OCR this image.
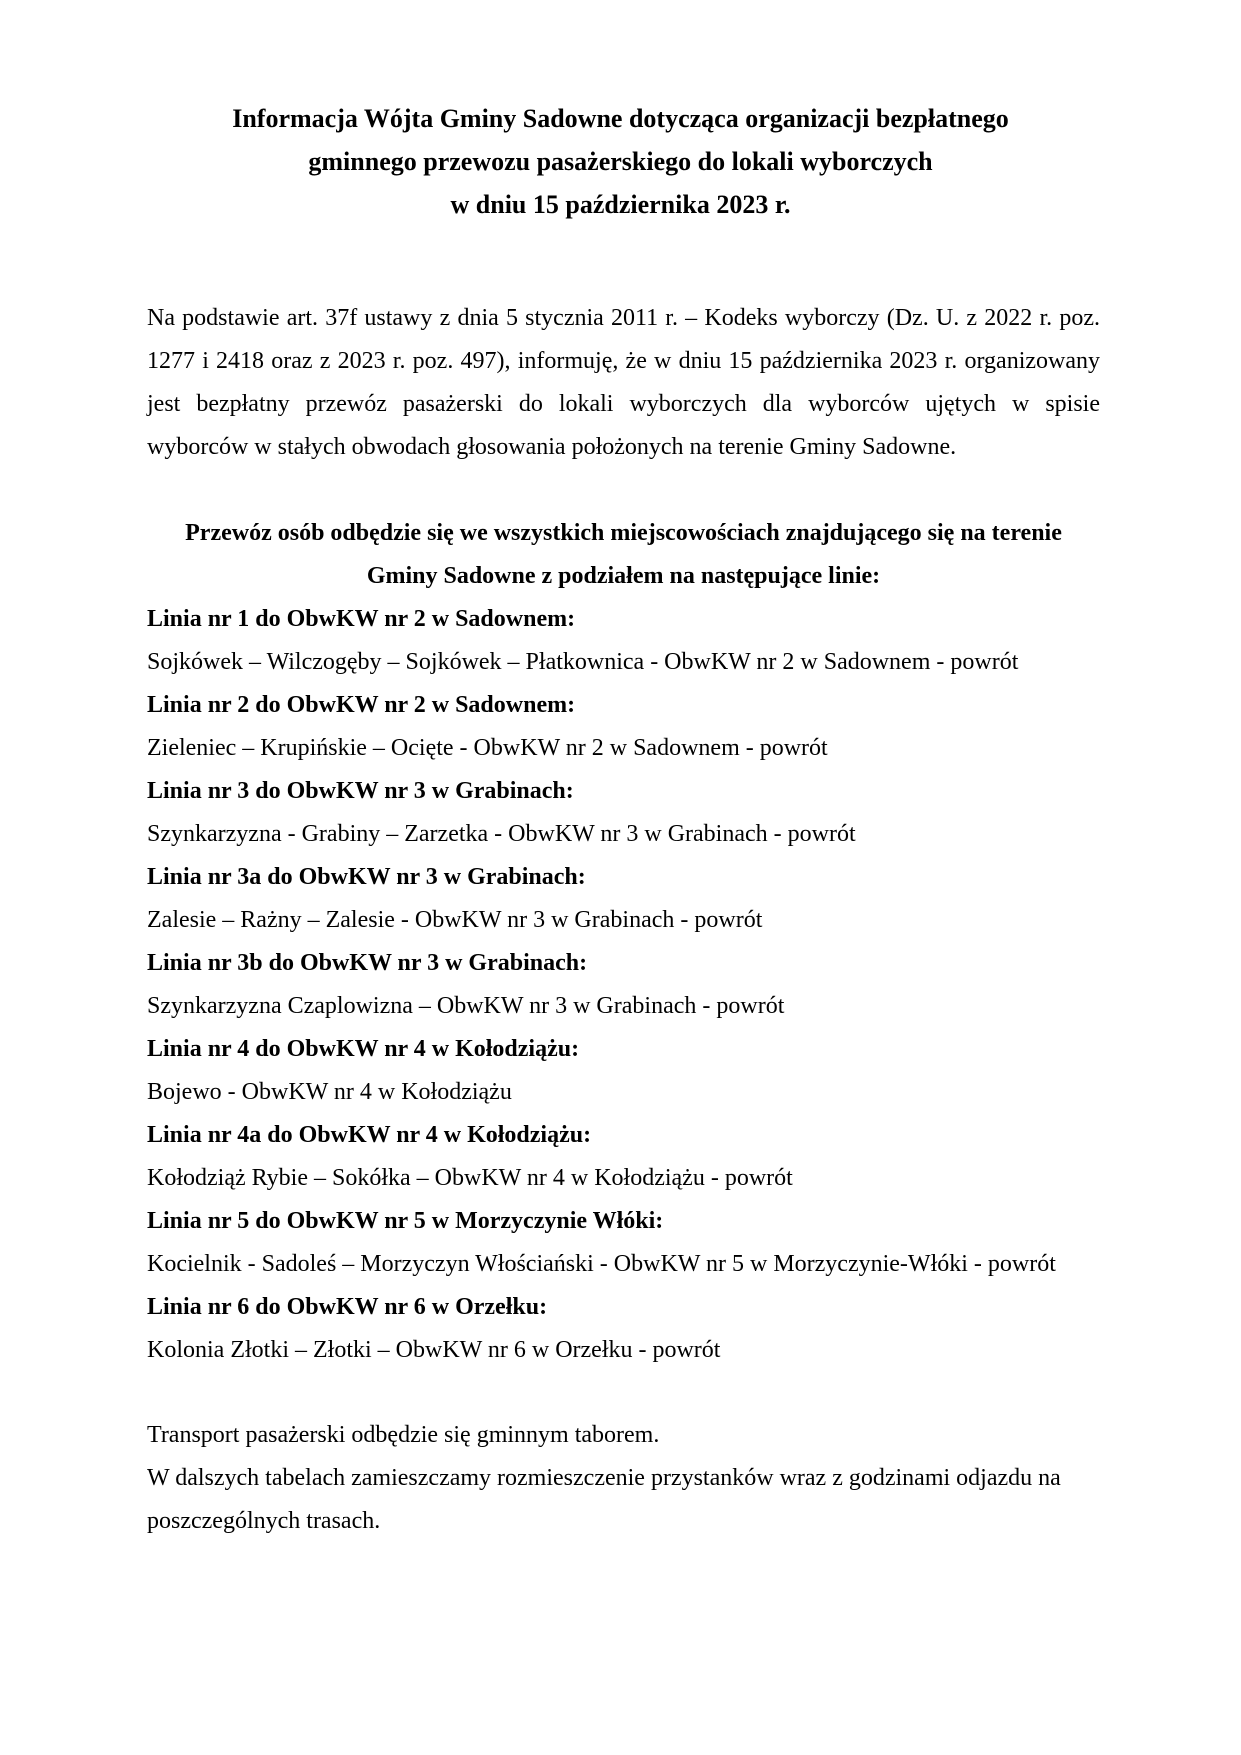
Informacja Wójta Gminy Sadowne dotycząca organizacji bezpłatnego
gminnego przewozu pasażerskiego do lokali wyborczych
w dniu 15 października 2023 r.

Na podstawie art. 37f ustawy z dnia 5 stycznia 2011 r. – Kodeks wyborczy (Dz. U. z 2022 r. poz.
1277 i 2418 oraz z 2023 r. poz. 497), informuję, że w dniu 15 października 2023 r. organizowany
jest bezpłatny przewóz pasażerski do lokali wyborczych dla wyborców ujętych w spisie
wyborców w stałych obwodach głosowania położonych na terenie Gminy Sadowne.

Przewóz osób odbędzie się we wszystkich miejscowościach znajdującego się na terenie
Gminy Sadowne z podziałem na następujące linie:
Linia nr 1 do ObwKW nr 2 w Sadownem:
Sojkówek – Wilczogęby – Sojkówek – Płatkownica - ObwKW nr 2 w Sadownem - powrót
Linia nr 2 do ObwKW nr 2 w Sadownem:
Zieleniec – Krupińskie – Ocięte - ObwKW nr 2 w Sadownem - powrót
Linia nr 3 do ObwKW nr 3 w Grabinach:
Szynkarzyzna - Grabiny – Zarzetka - ObwKW nr 3 w Grabinach - powrót
Linia nr 3a do ObwKW nr 3 w Grabinach:
Zalesie – Rażny – Zalesie - ObwKW nr 3 w Grabinach - powrót
Linia nr 3b do ObwKW nr 3 w Grabinach:
Szynkarzyzna Czaplowizna – ObwKW nr 3 w Grabinach - powrót
Linia nr 4 do ObwKW nr 4 w Kołodziążu:
Bojewo - ObwKW nr 4 w Kołodziążu
Linia nr 4a do ObwKW nr 4 w Kołodziążu:
Kołodziąż Rybie – Sokółka – ObwKW nr 4 w Kołodziążu - powrót
Linia nr 5 do ObwKW nr 5 w Morzyczynie Włóki:
Kocielnik - Sadoleś – Morzyczyn Włościański - ObwKW nr 5 w Morzyczynie-Włóki - powrót
Linia nr 6 do ObwKW nr 6 w Orzełku:
Kolonia Złotki – Złotki – ObwKW nr 6 w Orzełku - powrót

Transport pasażerski odbędzie się gminnym taborem.
W dalszych tabelach zamieszczamy rozmieszczenie przystanków wraz z godzinami odjazdu na
poszczególnych trasach.
